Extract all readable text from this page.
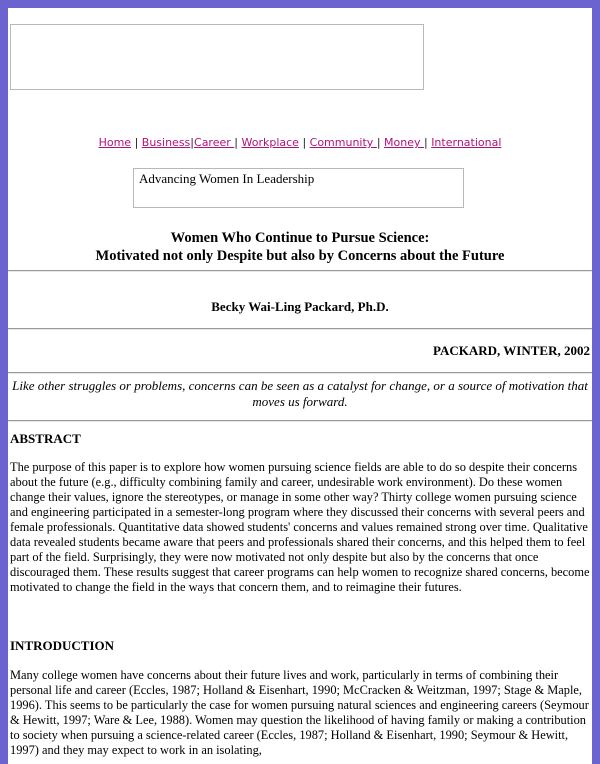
Home | Business|Career | Workplace | Community | Money | International
Advancing Women In Leadership
Women Who Continue to Pursue Science:
Motivated not only Despite but also by Concerns about the Future
Becky Wai-Ling Packard, Ph.D.
PACKARD, WINTER, 2002
Like other struggles or problems, concerns can be seen as a catalyst for change, or a source of motivation that moves us forward.
ABSTRACT
The purpose of this paper is to explore how women pursuing science fields are able to do so despite their concerns about the future (e.g., difficulty combining family and career, undesirable work environment). Do these women change their values, ignore the stereotypes, or manage in some other way? Thirty college women pursuing science and engineering participated in a semester-long program where they discussed their concerns with several peers and female professionals. Quantitative data showed students' concerns and values remained strong over time. Qualitative data revealed students became aware that peers and professionals shared their concerns, and this helped them to feel part of the field. Surprisingly, they were now motivated not only despite but also by the concerns that once discouraged them. These results suggest that career programs can help women to recognize shared concerns, become motivated to change the field in the ways that concern them, and to reimagine their futures.
INTRODUCTION
Many college women have concerns about their future lives and work, particularly in terms of combining their personal life and career (Eccles, 1987; Holland & Eisenhart, 1990; McCracken & Weitzman, 1997; Stage & Maple, 1996). This seems to be particularly the case for women pursuing natural sciences and engineering careers (Seymour & Hewitt, 1997; Ware & Lee, 1988). Women may question the likelihood of having family or making a contribution to society when pursuing a science-related career (Eccles, 1987; Holland & Eisenhart, 1990; Seymour & Hewitt, 1997) and they may expect to work in an isolating,
